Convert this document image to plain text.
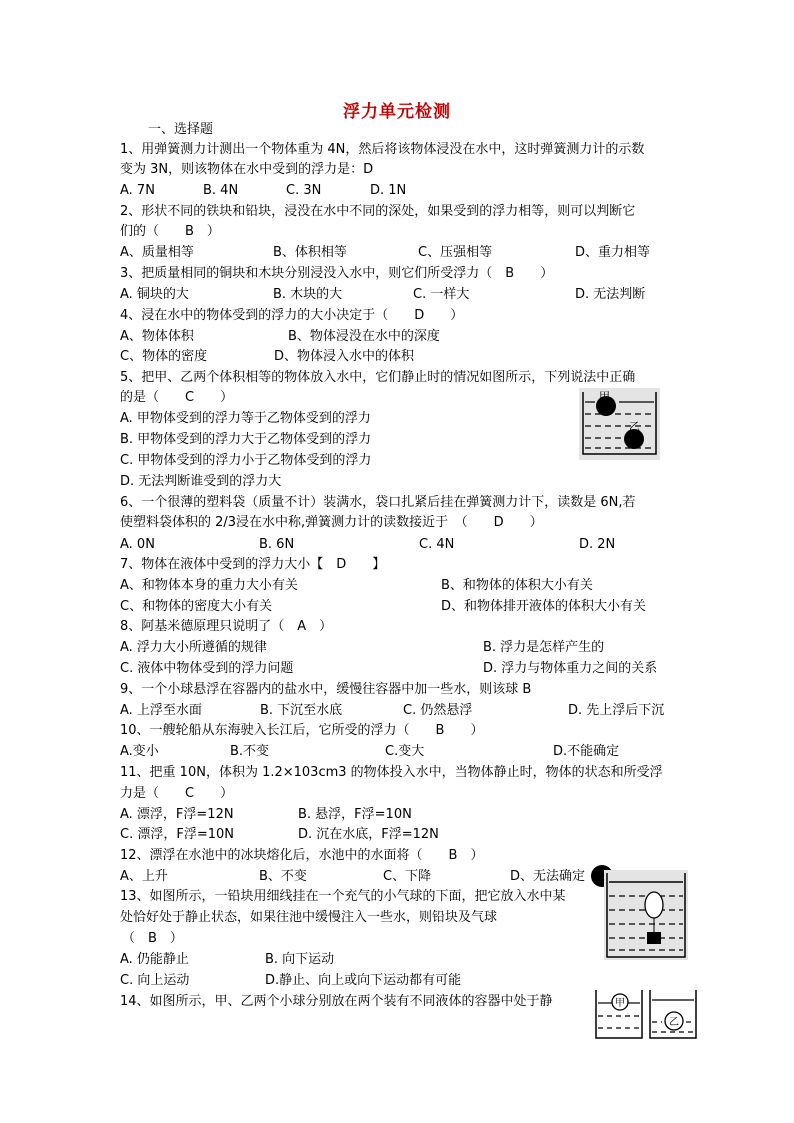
浮力单元检测
一、选择题
1、用弹簧测力计测出一个物体重为 4N，然后将该物体浸没在水中，这时弹簧测力计的示数
变为 3N，则该物体在水中受到的浮力是：D
A. 7N	B. 4N	C. 3N	D. 1N
2、形状不同的铁块和铅块，浸没在水中不同的深处，如果受到的浮力相等，则可以判断它
们的（　　B　）
A、质量相等	B、体积相等	C、压强相等	D、重力相等
3、把质量相同的铜块和木块分别浸没入水中，则它们所受浮力（　B　　）
A. 铜块的大	B. 木块的大	C. 一样大	D. 无法判断
4、浸在水中的物体受到的浮力的大小决定于（　　D　　）
A、物体体积	B、物体浸没在水中的深度
C、物体的密度	D、物体浸入水中的体积
5、把甲、乙两个体积相等的物体放入水中，它们静止时的情况如图所示，下列说法中正确
的是（　　C　　）
A. 甲物体受到的浮力等于乙物体受到的浮力
B. 甲物体受到的浮力大于乙物体受到的浮力
C. 甲物体受到的浮力小于乙物体受到的浮力
D. 无法判断谁受到的浮力大
甲
乙
6、一个很薄的塑料袋（质量不计）装满水，袋口扎紧后挂在弹簧测力计下，读数是 6N,若
使塑料袋体积的 2/3浸在水中称,弹簧测力计的读数接近于　（　　D　　）
A. 0N	B. 6N	C. 4N	D. 2N
7、物体在液体中受到的浮力大小【　D　　】
A、和物体本身的重力大小有关	B、和物体的体积大小有关
C、和物体的密度大小有关	D、和物体排开液体的体积大小有关
8、阿基米德原理只说明了（　A　）
A. 浮力大小所遵循的规律	B. 浮力是怎样产生的
C. 液体中物体受到的浮力问题	D. 浮力与物体重力之间的关系
9、一个小球悬浮在容器内的盐水中，缓慢往容器中加一些水，则该球 B
A. 上浮至水面	B. 下沉至水底	C. 仍然悬浮	D. 先上浮后下沉
10、一艘轮船从东海驶入长江后，它所受的浮力（　　B　　）
A.变小	B.不变	C.变大	D.不能确定
11、把重 10N，体积为 1.2×103cm3 的物体投入水中，当物体静止时，物体的状态和所受浮
力是（　　C　　）
A. 漂浮，F浮=12N	B. 悬浮，F浮=10N
C. 漂浮，F浮=10N	D. 沉在水底，F浮=12N
12、漂浮在水池中的冰块熔化后，水池中的水面将（　　B　）
A、上升	B、不变	C、下降	D、无法确定
13、如图所示，一铅块用细线挂在一个充气的小气球的下面，把它放入水中某
处恰好处于静止状态，如果往池中缓慢注入一些水，则铅块及气球
（　B　）
A. 仍能静止	B. 向下运动
C. 向上运动	D.静止、向上或向下运动都有可能
14、如图所示，甲、乙两个小球分别放在两个装有不同液体的容器中处于静	甲
乙
